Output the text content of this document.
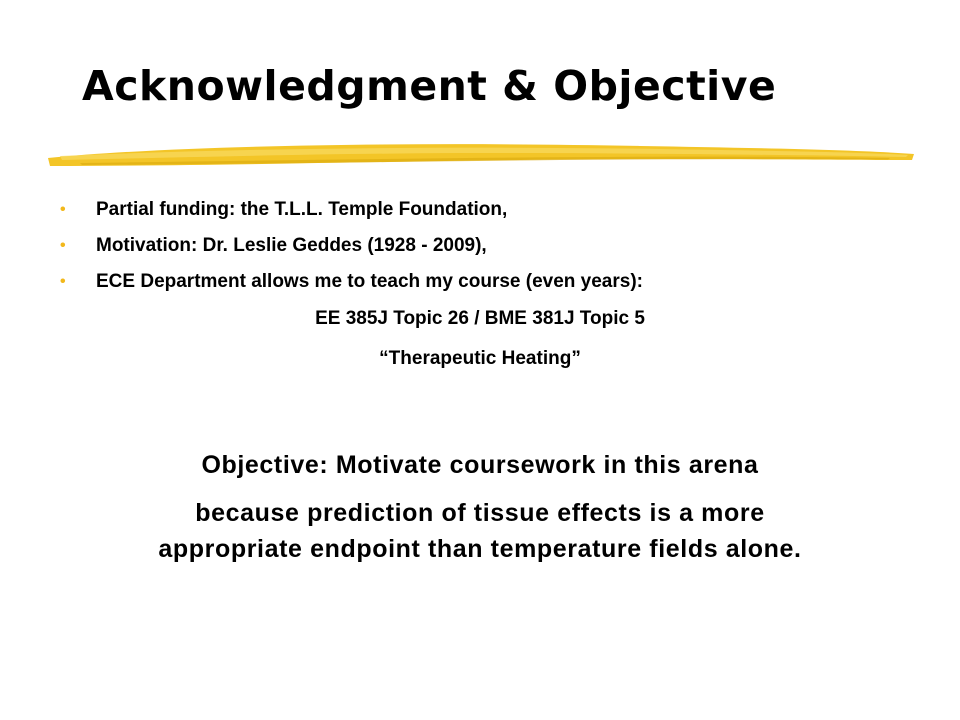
Acknowledgment & Objective
• Partial funding: the T.L.L. Temple Foundation,
• Motivation: Dr. Leslie Geddes (1928 - 2009),
• ECE Department allows me to teach my course (even years):
EE 385J Topic 26 / BME 381J Topic 5
“Therapeutic Heating”
Objective: Motivate coursework in this arena
because prediction of tissue effects is a more
appropriate endpoint than temperature fields alone.
